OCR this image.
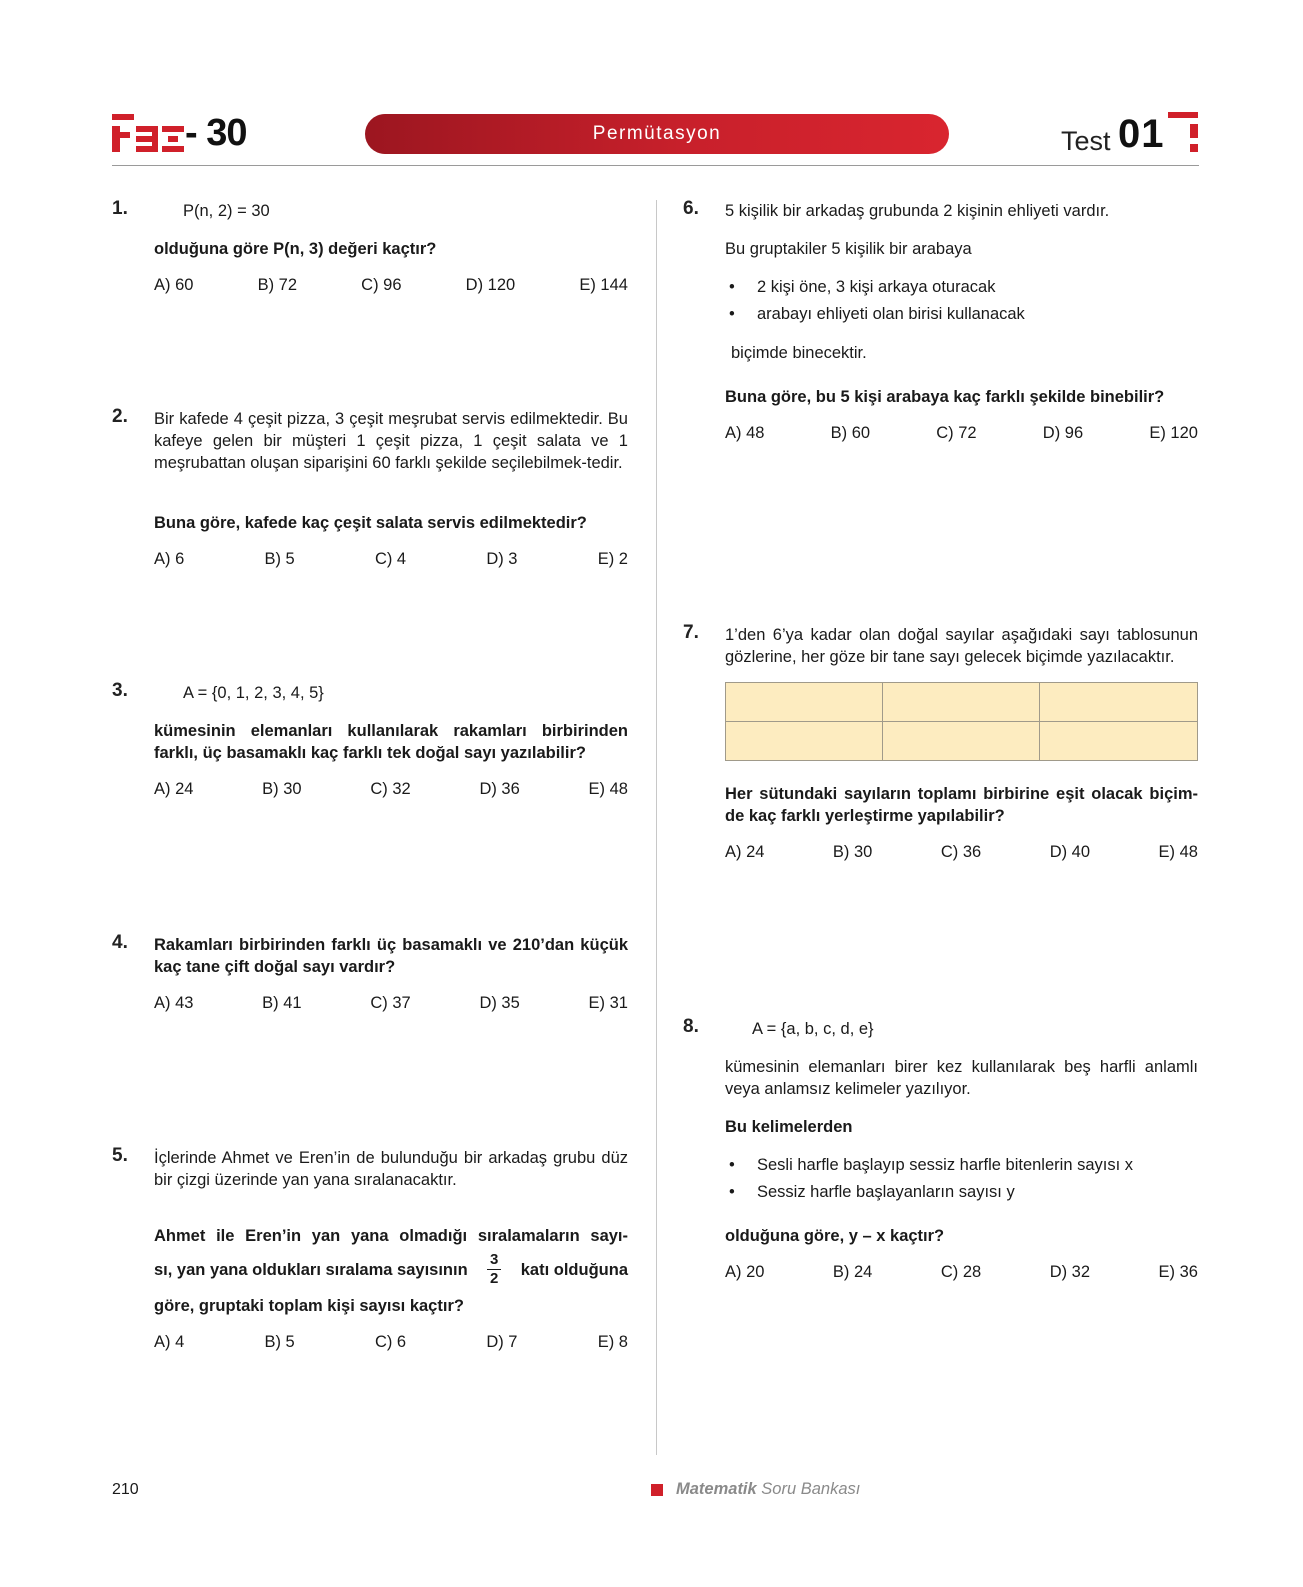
- 30	Permütasyon	Test 01
1.	P(n, 2) = 30
olduğuna göre P(n, 3) değeri kaçtır?
A) 60	B) 72	C) 96	D) 120	E) 144
2. Bir kafede 4 çeşit pizza, 3 çeşit meşrubat servis edilmektedir. Bu kafeye gelen bir müşteri 1 çeşit pizza, 1 çeşit salata ve 1 meşrubattan oluşan siparişini 60 farklı şekilde seçilebilmek-tedir.
Buna göre, kafede kaç çeşit salata servis edilmektedir?
A) 6	B) 5	C) 4	D) 3	E) 2
3.	A = {0, 1, 2, 3, 4, 5}
kümesinin elemanları kullanılarak rakamları birbirinden farklı, üç basamaklı kaç farklı tek doğal sayı yazılabilir?
A) 24	B) 30	C) 32	D) 36	E) 48
4. Rakamları birbirinden farklı üç basamaklı ve 210’dan küçük kaç tane çift doğal sayı vardır?
A) 43	B) 41	C) 37	D) 35	E) 31
5. İçlerinde Ahmet ve Eren’in de bulunduğu bir arkadaş grubu düz bir çizgi üzerinde yan yana sıralanacaktır.
Ahmet ile Eren’in yan yana olmadığı sıralamaların sayı-
sı, yan yana oldukları sıralama sayısının $\frac{3}{2}$ katı olduğuna
göre, gruptaki toplam kişi sayısı kaçtır?
A) 4	B) 5	C) 6	D) 7	E) 8
6. 5 kişilik bir arkadaş grubunda 2 kişinin ehliyeti vardır.
Bu gruptakiler 5 kişilik bir arabaya
• 2 kişi öne, 3 kişi arkaya oturacak
• arabayı ehliyeti olan birisi kullanacak
biçimde binecektir.
Buna göre, bu 5 kişi arabaya kaç farklı şekilde binebilir?
A) 48	B) 60	C) 72	D) 96	E) 120
7. 1’den 6’ya kadar olan doğal sayılar aşağıdaki sayı tablosunun gözlerine, her göze bir tane sayı gelecek biçimde yazılacaktır.
Her sütundaki sayıların toplamı birbirine eşit olacak biçim-de kaç farklı yerleştirme yapılabilir?
A) 24	B) 30	C) 36	D) 40	E) 48
8.	A = {a, b, c, d, e}
kümesinin elemanları birer kez kullanılarak beş harfli anlamlı veya anlamsız kelimeler yazılıyor.
Bu kelimelerden
• Sesli harfle başlayıp sessiz harfle bitenlerin sayısı x
• Sessiz harfle başlayanların sayısı y
olduğuna göre, y – x kaçtır?
A) 20	B) 24	C) 28	D) 32	E) 36
210	Matematik Soru Bankası
